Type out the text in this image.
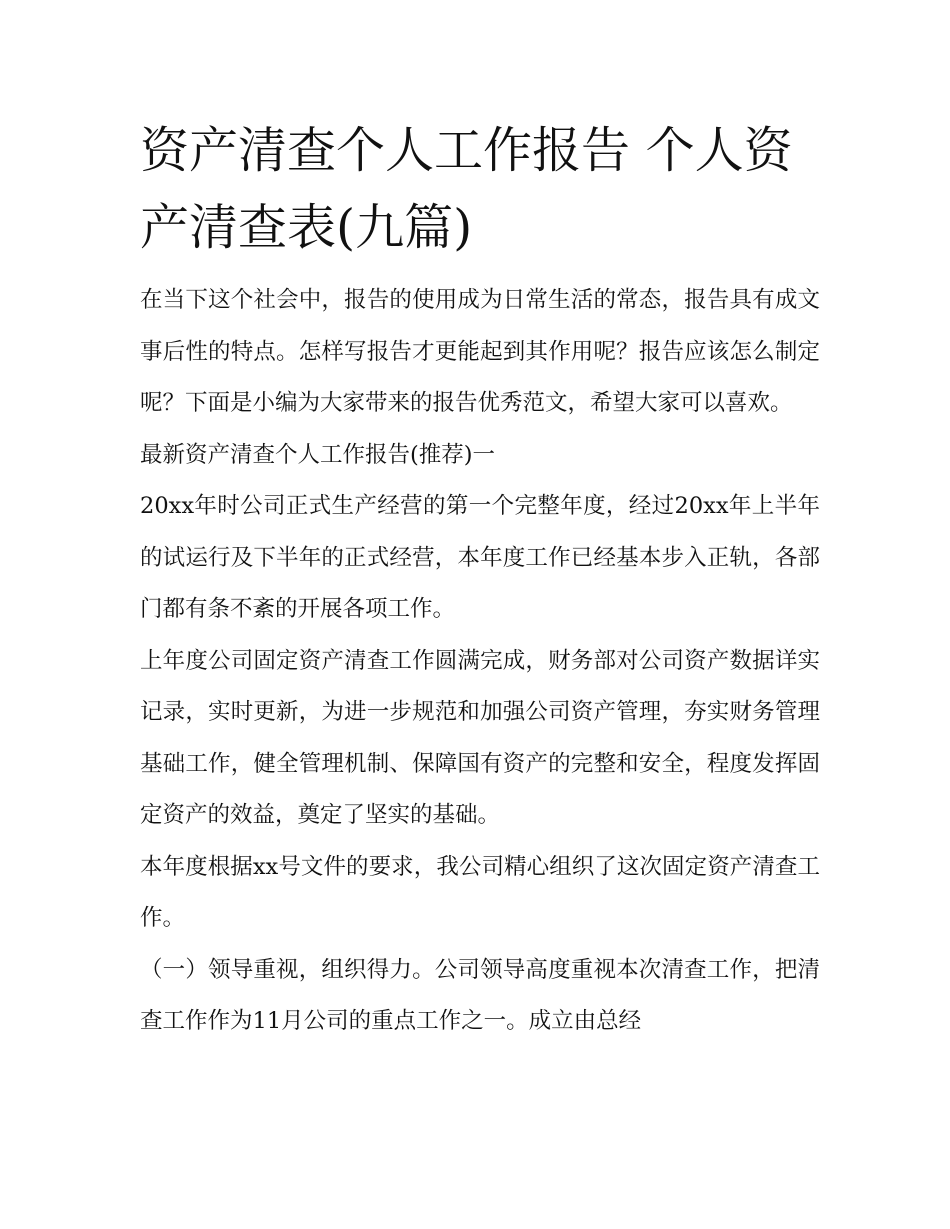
资产清查个人工作报告 个人资产清查表(九篇)

在当下这个社会中，报告的使用成为日常生活的常态，报告具有成文事后性的特点。怎样写报告才更能起到其作用呢？报告应该怎么制定呢？下面是小编为大家带来的报告优秀范文，希望大家可以喜欢。

最新资产清查个人工作报告(推荐)一

20xx年时公司正式生产经营的第一个完整年度，经过20xx年上半年的试运行及下半年的正式经营，本年度工作已经基本步入正轨，各部门都有条不紊的开展各项工作。

上年度公司固定资产清查工作圆满完成，财务部对公司资产数据详实记录，实时更新，为进一步规范和加强公司资产管理，夯实财务管理基础工作，健全管理机制、保障国有资产的完整和安全，程度发挥固定资产的效益，奠定了坚实的基础。

本年度根据xx号文件的要求，我公司精心组织了这次固定资产清查工作。

（一）领导重视，组织得力。公司领导高度重视本次清查工作，把清查工作作为11月公司的重点工作之一。成立由总经
